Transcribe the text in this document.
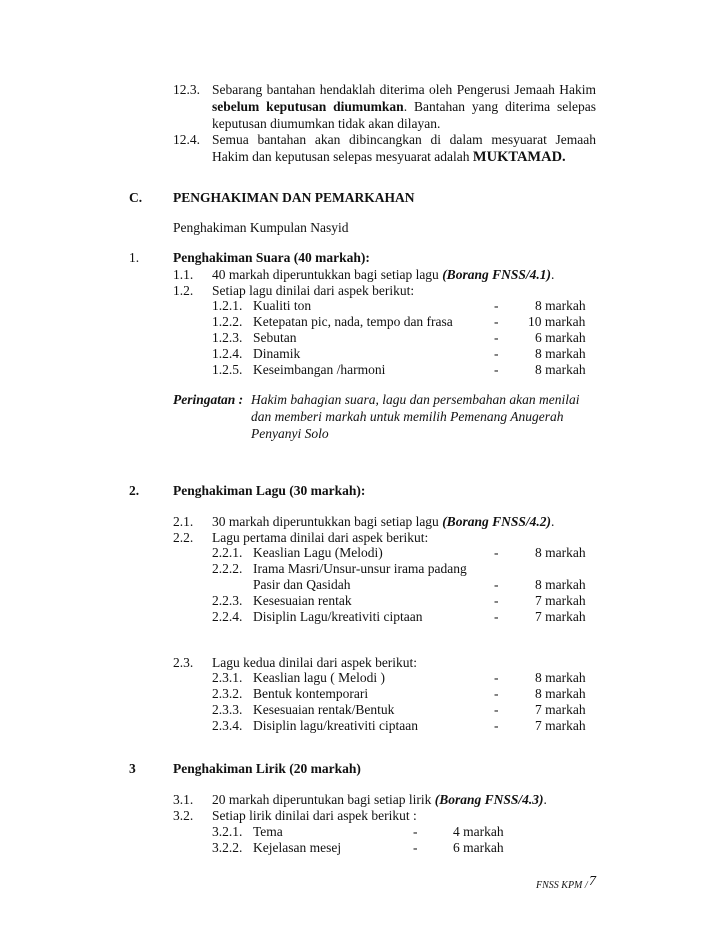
12.3. Sebarang bantahan hendaklah diterima oleh Pengerusi Jemaah Hakim
sebelum keputusan diumumkan. Bantahan yang diterima selepas
keputusan diumumkan tidak akan dilayan.
12.4. Semua bantahan akan dibincangkan di dalam mesyuarat Jemaah
Hakim dan keputusan selepas mesyuarat adalah MUKTAMAD.
C. PENGHAKIMAN DAN PEMARKAHAN
Penghakiman Kumpulan Nasyid
1.	Penghakiman Suara (40 markah):
1.1. 40 markah diperuntukkan bagi setiap lagu (Borang FNSS/4.1).
1.2. Setiap lagu dinilai dari aspek berikut:
1.2.1. Kualiti ton	-	8 markah
1.2.2. Ketepatan pic, nada, tempo dan frasa	- 10 markah
1.2.3. Sebutan	-	6 markah
1.2.4. Dinamik	-	8 markah
1.2.5. Keseimbangan /harmoni	-	8 markah
Peringatan : Hakim bahagian suara, lagu dan persembahan akan menilai
dan memberi markah untuk memilih Pemenang Anugerah
Penyanyi Solo
2.	Penghakiman Lagu (30 markah):
2.1. 30 markah diperuntukkan bagi setiap lagu (Borang FNSS/4.2).
2.2. Lagu pertama dinilai dari aspek berikut:
2.2.1. Keaslian Lagu (Melodi)	-	8 markah
2.2.2. Irama Masri/Unsur-unsur irama padang
Pasir dan Qasidah	-	8 markah
2.2.3. Kesesuaian rentak	-	7 markah
2.2.4. Disiplin Lagu/kreativiti ciptaan	-	7 markah
2.3. Lagu kedua dinilai dari aspek berikut:
2.3.1. Keaslian lagu ( Melodi )	-	8 markah
2.3.2. Bentuk kontemporari	-	8 markah
2.3.3. Kesesuaian rentak/Bentuk	-	7 markah
2.3.4. Disiplin lagu/kreativiti ciptaan	-	7 markah
3	Penghakiman Lirik (20 markah)
3.1. 20 markah diperuntukan bagi setiap lirik (Borang FNSS/4.3).
3.2. Setiap lirik dinilai dari aspek berikut :
3.2.1. Tema	-	4 markah
3.2.2. Kejelasan mesej	-	6 markah
FNSS KPM / 7
